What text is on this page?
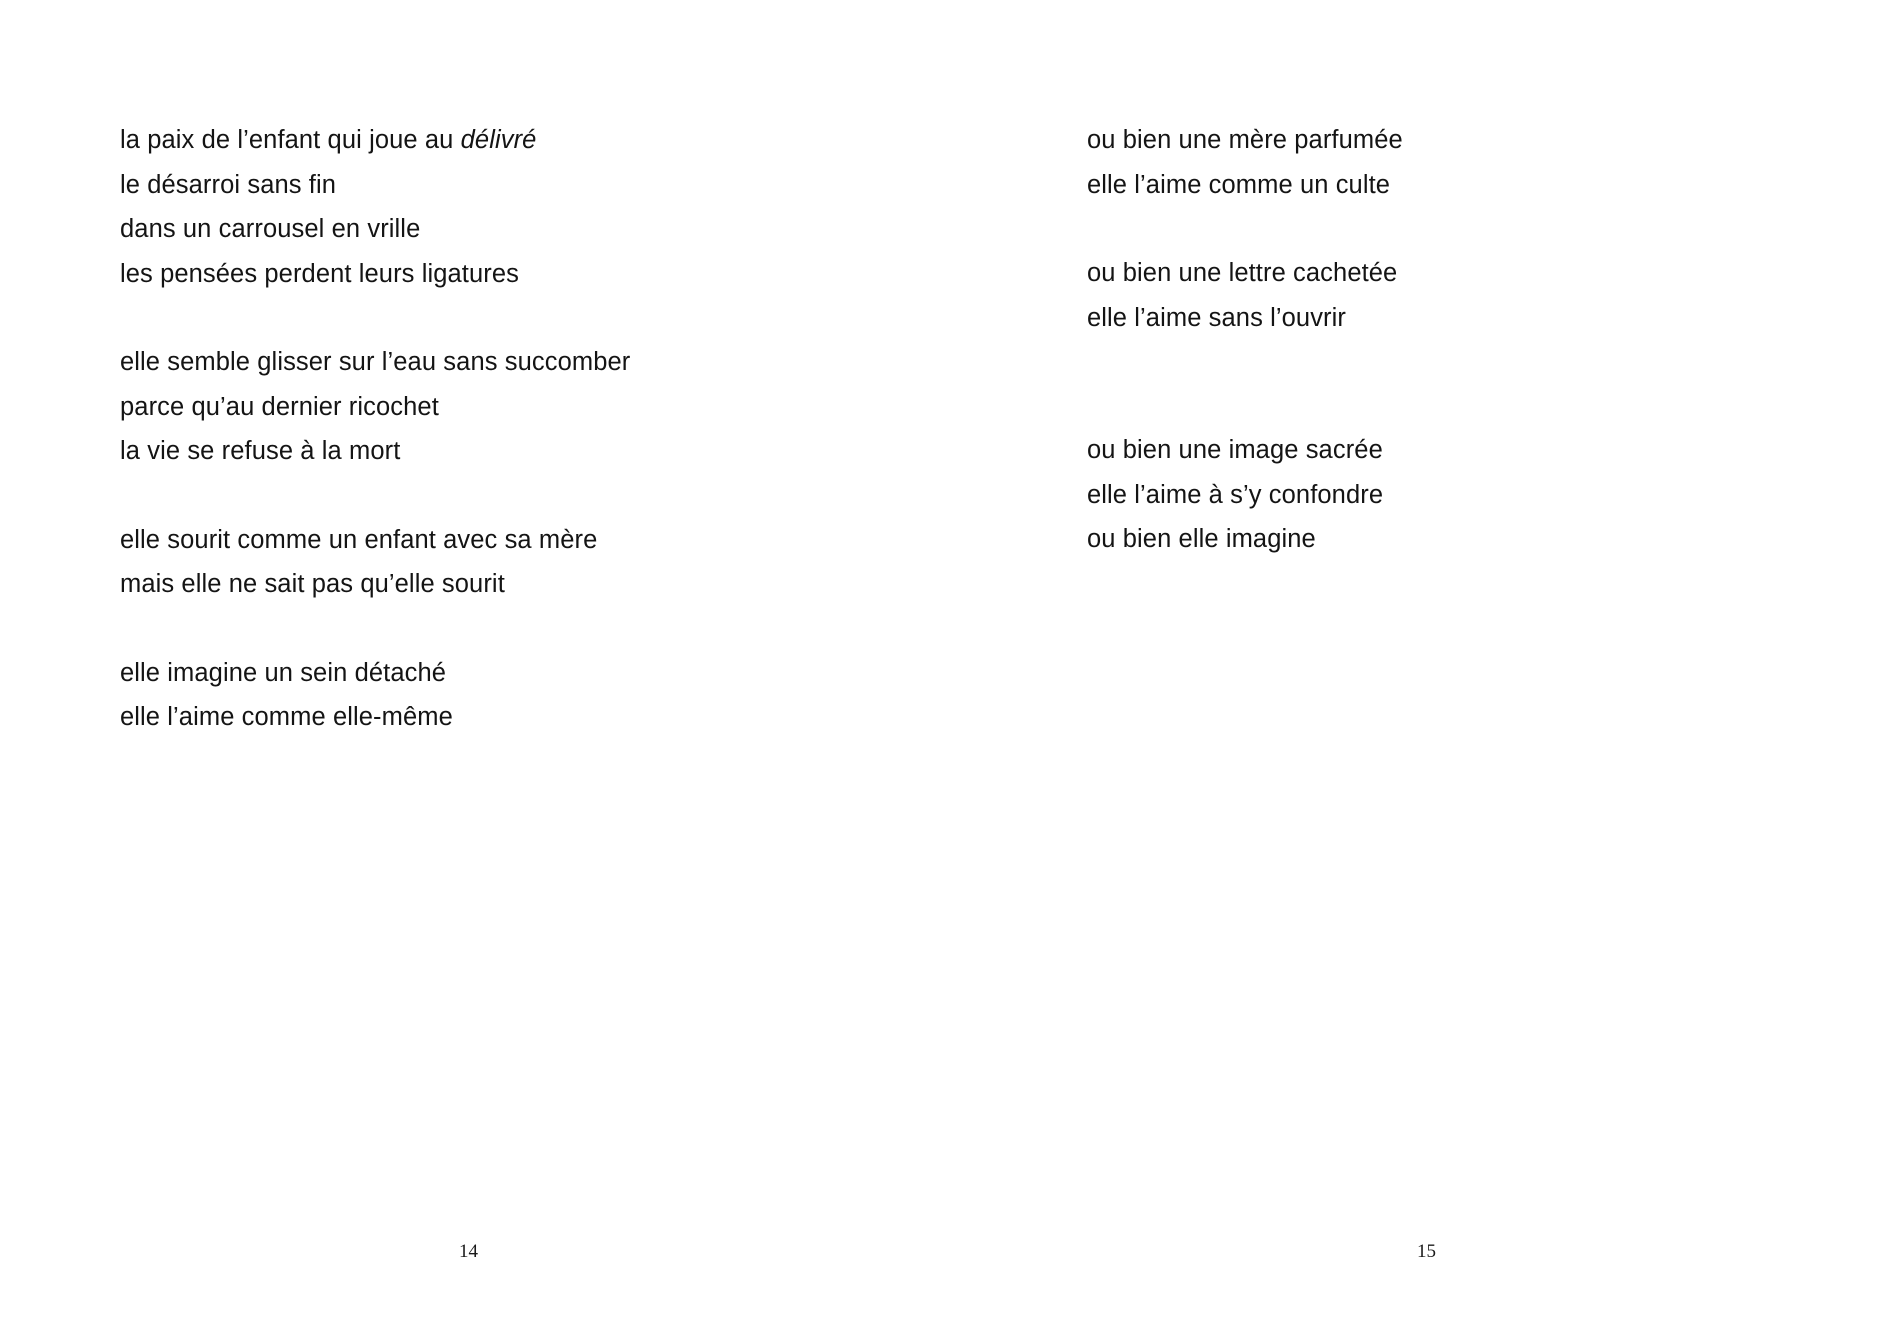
la paix de l’enfant qui joue au délivré
le désarroi sans fin
dans un carrousel en vrille
les pensées perdent leurs ligatures
elle semble glisser sur l’eau sans succomber
parce qu’au dernier ricochet
la vie se refuse à la mort
elle sourit comme un enfant avec sa mère
mais elle ne sait pas qu’elle sourit
elle imagine un sein détaché
elle l’aime comme elle-même
14
ou bien une mère parfumée
elle l’aime comme un culte
ou bien une lettre cachetée
elle l’aime sans l’ouvrir
ou bien une image sacrée
elle l’aime à s’y confondre
ou bien elle imagine
15
